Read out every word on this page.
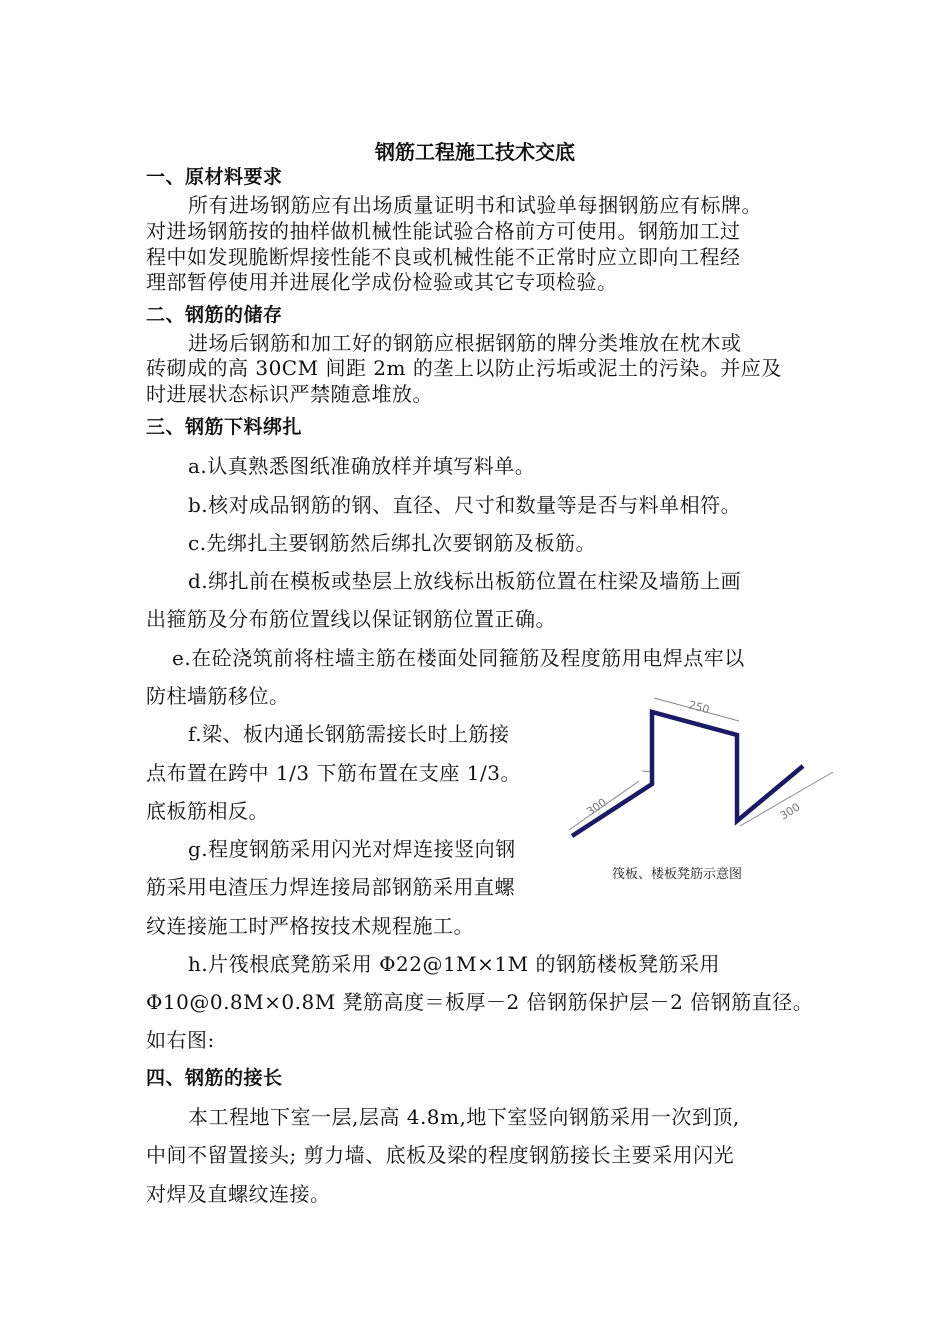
钢筋工程施工技术交底
一、原材料要求
所有进场钢筋应有出场质量证明书和试验单每捆钢筋应有标牌。
对进场钢筋按的抽样做机械性能试验合格前方可使用。钢筋加工过
程中如发现脆断焊接性能不良或机械性能不正常时应立即向工程经
理部暂停使用并进展化学成份检验或其它专项检验。
二、钢筋的储存
进场后钢筋和加工好的钢筋应根据钢筋的牌分类堆放在枕木或
砖砌成的高 30CM 间距 2m 的垄上以防止污垢或泥土的污染。并应及
时进展状态标识严禁随意堆放。
三、钢筋下料绑扎
a.认真熟悉图纸准确放样并填写料单。
b.核对成品钢筋的钢、直径、尺寸和数量等是否与料单相符。
c.先绑扎主要钢筋然后绑扎次要钢筋及板筋。
d.绑扎前在模板或垫层上放线标出板筋位置在柱梁及墙筋上画
出箍筋及分布筋位置线以保证钢筋位置正确。
e.在砼浇筑前将柱墙主筋在楼面处同箍筋及程度筋用电焊点牢以
防柱墙筋移位。
f.梁、板内通长钢筋需接长时上筋接
点布置在跨中 1/3 下筋布置在支座 1/3。
底板筋相反。
g.程度钢筋采用闪光对焊连接竖向钢
筋采用电渣压力焊连接局部钢筋采用直螺
纹连接施工时严格按技术规程施工。
h.片筏根底凳筋采用 Φ22@1M×1M 的钢筋楼板凳筋采用
Φ10@0.8M×0.8M 凳筋高度＝板厚－2 倍钢筋保护层－2 倍钢筋直径。
如右图:
四、钢筋的接长
本工程地下室一层,层高 4.8m,地下室竖向钢筋采用一次到顶,
中间不留置接头; 剪力墙、底板及梁的程度钢筋接长主要采用闪光
对焊及直螺纹连接。
250
300	300
筏板、楼板凳筋示意图
